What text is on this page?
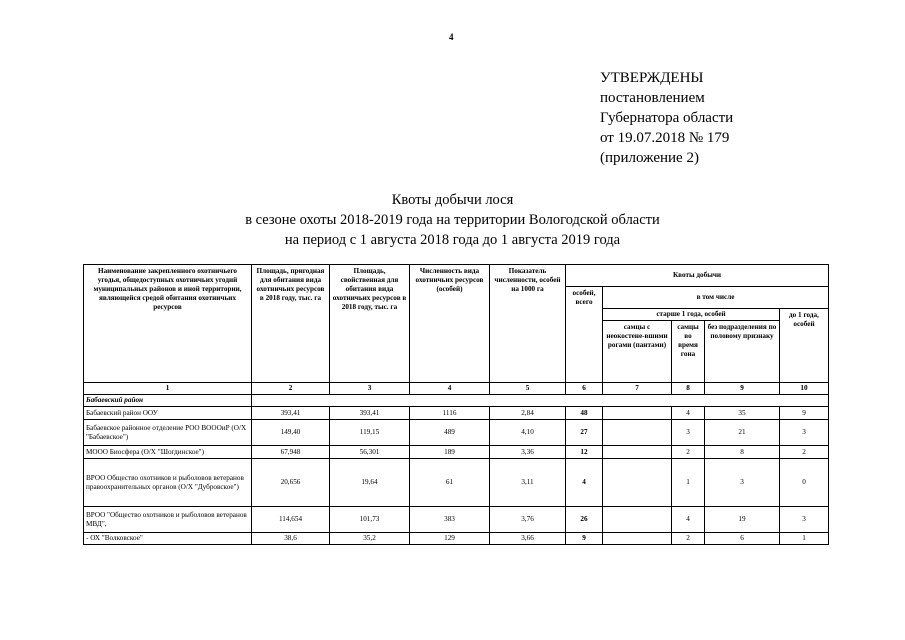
4
УТВЕРЖДЕНЫ
постановлением
Губернатора области
от 19.07.2018 № 179
(приложение 2)
Квоты добычи лося
в сезоне охоты 2018-2019 года на территории Вологодской области
на период с 1 августа 2018 года до 1 августа 2019 года
Наименование закрепленного охотничьего угодья, общедоступных охотничьих угодий муниципальных районов и иной территории, являющейся средой обитания охотничьих ресурсов	Площадь, пригодная для обитания вида охотничьих ресурсов в 2018 году, тыс. га	Площадь, свойственная для обитания вида охотничьих ресурсов в 2018 году, тыс. га	Численность вида охотничьих ресурсов (особей)	Показатель численности, особей на 1000 га	Квоты добычи				
					особей, всего	в том числе			
						старше 1 года, особей			до 1 года, особей
						самцы с неокостене-вшими рогами (пантами)	самцы во время гона	без подразделения по половому признаку	
1	2	3	4	5	6	7	8	9	10
Бабаевский район									
Бабаевский район ООУ	393,41	393,41	1116	2,84	48		4	35	9
Бабаевское районное отделение РОО ВОООиР (О/Х "Бабаевское")	149,40	119,15	489	4,10	27		3	21	3
МООО Биосфера (О/Х "Шогдинское")	67,948	56,301	189	3,36	12		2	8	2
ВРОО Общество охотников и рыболовов ветеранов правоохранительных органов (О/Х "Дубровское")	20,656	19,64	61	3,11	4		1	3	0
ВРОО "Общество охотников и рыболовов ветеранов МВД",	114,654	101,73	383	3,76	26		4	19	3
- ОХ "Волковское"	38,6	35,2	129	3,66	9		2	6	1
